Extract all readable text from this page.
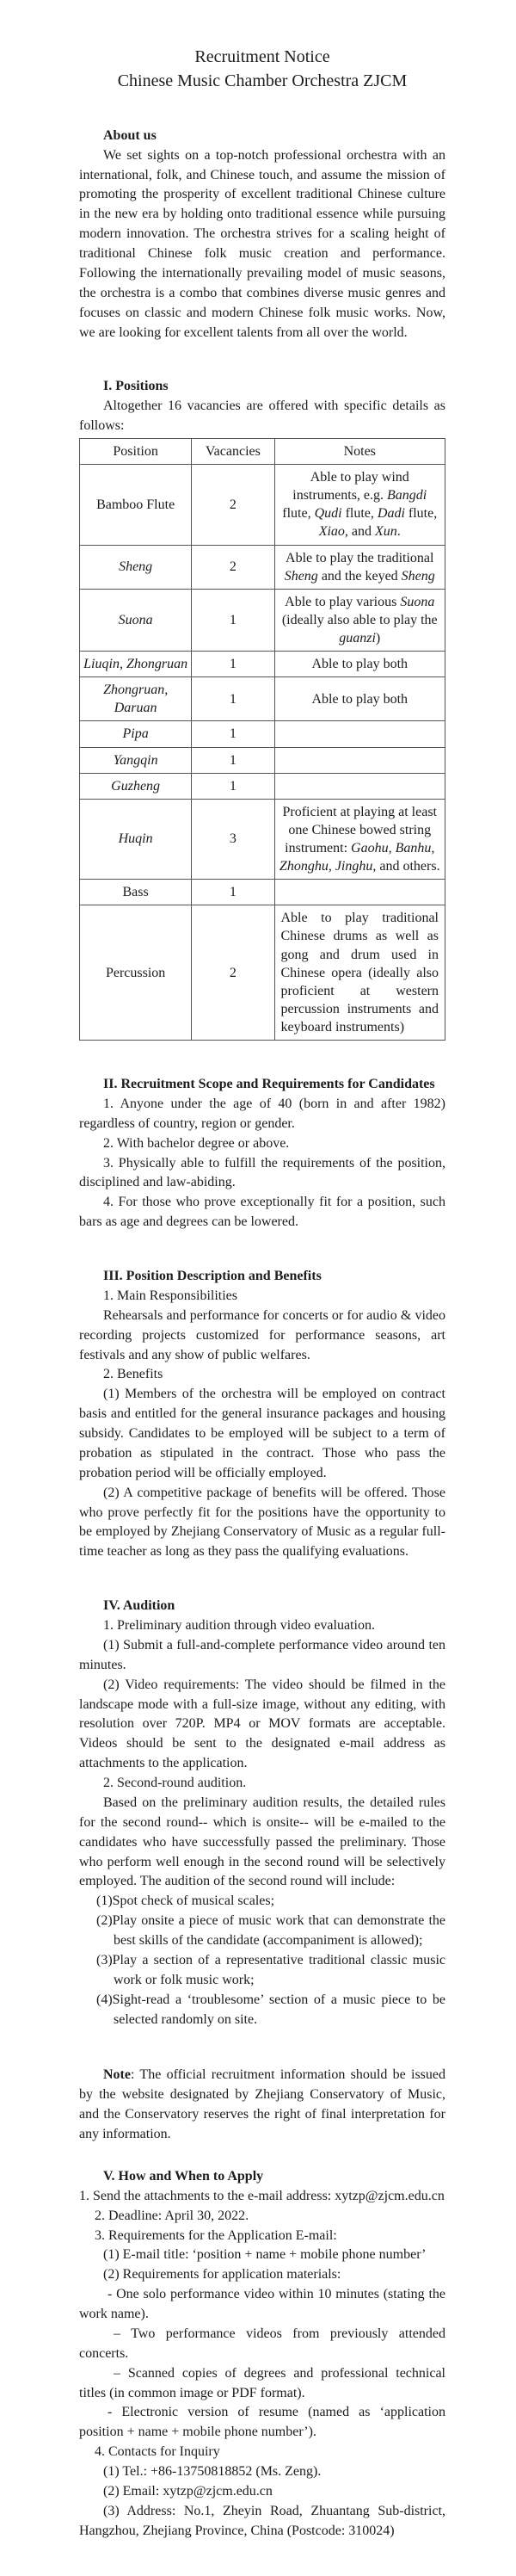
Recruitment Notice
Chinese Music Chamber Orchestra ZJCM

About us

We set sights on a top-notch professional orchestra with an international, folk, and Chinese touch, and assume the mission of promoting the prosperity of excellent traditional Chinese culture in the new era by holding onto traditional essence while pursuing modern innovation. The orchestra strives for a scaling height of traditional Chinese folk music creation and performance. Following the internationally prevailing model of music seasons, the orchestra is a combo that combines diverse music genres and focuses on classic and modern Chinese folk music works. Now, we are looking for excellent talents from all over the world.

I. Positions

Altogether 16 vacancies are offered with specific details as follows:

Position	Vacancies	Notes
Bamboo Flute	2	Able to play wind instruments, e.g. Bangdi flute, Qudi flute, Dadi flute, Xiao, and Xun.
Sheng	2	Able to play the traditional Sheng and the keyed Sheng
Suona	1	Able to play various Suona (ideally also able to play the guanzi)
Liuqin, Zhongruan	1	Able to play both
Zhongruan, Daruan	1	Able to play both
Pipa	1	
Yangqin	1	
Guzheng	1	
Huqin	3	Proficient at playing at least one Chinese bowed string instrument: Gaohu, Banhu, Zhonghu, Jinghu, and others.
Bass	1	
Percussion	2	Able to play traditional Chinese drums as well as gong and drum used in Chinese opera (ideally also proficient at western percussion instruments and keyboard instruments)

II. Recruitment Scope and Requirements for Candidates

1. Anyone under the age of 40 (born in and after 1982) regardless of country, region or gender.

2. With bachelor degree or above.

3. Physically able to fulfill the requirements of the position, disciplined and law-abiding.

4. For those who prove exceptionally fit for a position, such bars as age and degrees can be lowered.

III. Position Description and Benefits

1. Main Responsibilities

Rehearsals and performance for concerts or for audio & video recording projects customized for performance seasons, art festivals and any show of public welfares.

2. Benefits

(1) Members of the orchestra will be employed on contract basis and entitled for the general insurance packages and housing subsidy. Candidates to be employed will be subject to a term of probation as stipulated in the contract. Those who pass the probation period will be officially employed.

(2) A competitive package of benefits will be offered. Those who prove perfectly fit for the positions have the opportunity to be employed by Zhejiang Conservatory of Music as a regular full-time teacher as long as they pass the qualifying evaluations.

IV. Audition

1. Preliminary audition through video evaluation.

(1) Submit a full-and-complete performance video around ten minutes.

(2) Video requirements: The video should be filmed in the landscape mode with a full-size image, without any editing, with resolution over 720P. MP4 or MOV formats are acceptable. Videos should be sent to the designated e-mail address as attachments to the application.

2. Second-round audition.

Based on the preliminary audition results, the detailed rules for the second round-- which is onsite-- will be e-mailed to the candidates who have successfully passed the preliminary. Those who perform well enough in the second round will be selectively employed. The audition of the second round will include:

(1)Spot check of musical scales;
(2)Play onsite a piece of music work that can demonstrate the best skills of the candidate (accompaniment is allowed);
(3)Play a section of a representative traditional classic music work or folk music work;
(4)Sight-read a ‘troublesome’ section of a music piece to be selected randomly on site.

Note: The official recruitment information should be issued by the website designated by Zhejiang Conservatory of Music, and the Conservatory reserves the right of final interpretation for any information.

V. How and When to Apply

1. Send the attachments to the e-mail address: xytzp@zjcm.edu.cn

2. Deadline: April 30, 2022.

3. Requirements for the Application E-mail:

(1) E-mail title: ‘position + name + mobile phone number’

(2) Requirements for application materials:

- One solo performance video within 10 minutes (stating the work name).

– Two performance videos from previously attended concerts.

– Scanned copies of degrees and professional technical titles (in common image or PDF format).

- Electronic version of resume (named as ‘application position + name + mobile phone number’).

4. Contacts for Inquiry

(1) Tel.: +86-13750818852 (Ms. Zeng).

(2) Email: xytzp@zjcm.edu.cn

(3) Address: No.1, Zheyin Road, Zhuantang Sub-district, Hangzhou, Zhejiang Province, China (Postcode: 310024)
